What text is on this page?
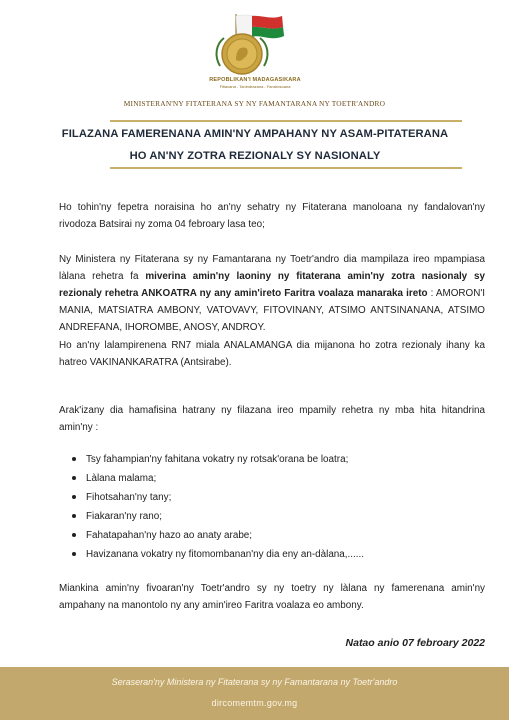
REPOBLIKAN'I MADAGASIKARA
Fitiavana - Tanindrazana - Fandrosoana
MINISTERAN'NY FITATERANA SY NY FAMANTARANA NY TOETR'ANDRO
FILAZANA FAMERENANA AMIN'NY AMPAHANY NY ASAM-PITATERANA
HO AN'NY ZOTRA REZIONALY SY NASIONALY
Ho tohin'ny fepetra noraisina ho an'ny sehatry ny Fitaterana manoloana ny fandalovan'ny rivodoza Batsirai ny zoma 04 febroary lasa teo;
Ny Ministera ny Fitaterana sy ny Famantarana ny Toetr'andro dia mampilaza ireo mpampiasa làlana rehetra fa miverina amin'ny laoniny ny fitaterana amin'ny zotra nasionaly sy rezionaly rehetra ANKOATRA ny any amin'ireto Faritra voalaza manaraka ireto : AMORON'I MANIA, MATSIATRA AMBONY, VATOVAVY, FITOVINANY, ATSIMO ANTSINANANA, ATSIMO ANDREFANA, IHOROMBE, ANOSY, ANDROY.
Ho an'ny lalampirenena RN7 miala ANALAMANGA dia mijanona ho zotra rezionaly ihany ka hatreo VAKINANKARATRA (Antsirabe).
Arak'izany dia hamafisina hatrany ny filazana ireo mpamily rehetra ny mba hita hitandrina amin'ny :
Tsy fahampian'ny fahitana vokatry ny rotsak'orana be loatra;
Làlana malama;
Fihotsahan'ny tany;
Fiakaran'ny rano;
Fahatapahan'ny hazo ao anaty arabe;
Havizanana vokatry ny fitomombanan'ny dia eny an-dàlana,......
Miankina amin'ny fivoaran'ny Toetr'andro sy ny toetry ny làlana ny famerenana amin'ny ampahany na manontolo ny any amin'ireo Faritra voalaza eo ambony.
Natao anio 07 febroary 2022
Seraseran'ny Ministera ny Fitaterana sy ny Famantarana ny Toetr'andro
dircomemtm.gov.mg
